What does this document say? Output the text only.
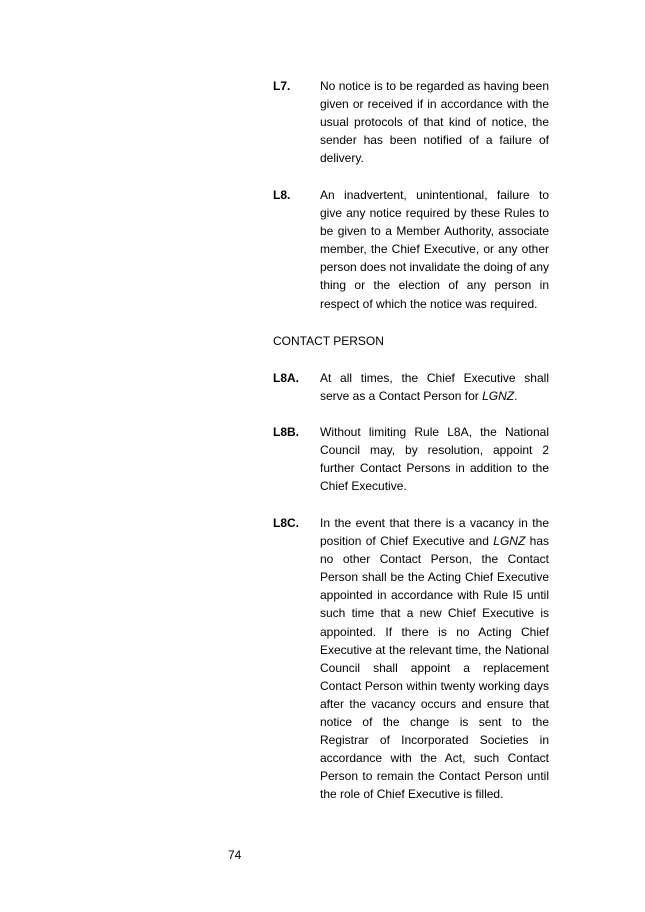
L7. No notice is to be regarded as having been given or received if in accordance with the usual protocols of that kind of notice, the sender has been notified of a failure of delivery.
L8. An inadvertent, unintentional, failure to give any notice required by these Rules to be given to a Member Authority, associate member, the Chief Executive, or any other person does not invalidate the doing of any thing or the election of any person in respect of which the notice was required.
CONTACT PERSON
L8A. At all times, the Chief Executive shall serve as a Contact Person for LGNZ.
L8B. Without limiting Rule L8A, the National Council may, by resolution, appoint 2 further Contact Persons in addition to the Chief Executive.
L8C. In the event that there is a vacancy in the position of Chief Executive and LGNZ has no other Contact Person, the Contact Person shall be the Acting Chief Executive appointed in accordance with Rule I5 until such time that a new Chief Executive is appointed. If there is no Acting Chief Executive at the relevant time, the National Council shall appoint a replacement Contact Person within twenty working days after the vacancy occurs and ensure that notice of the change is sent to the Registrar of Incorporated Societies in accordance with the Act, such Contact Person to remain the Contact Person until the role of Chief Executive is filled.
74
